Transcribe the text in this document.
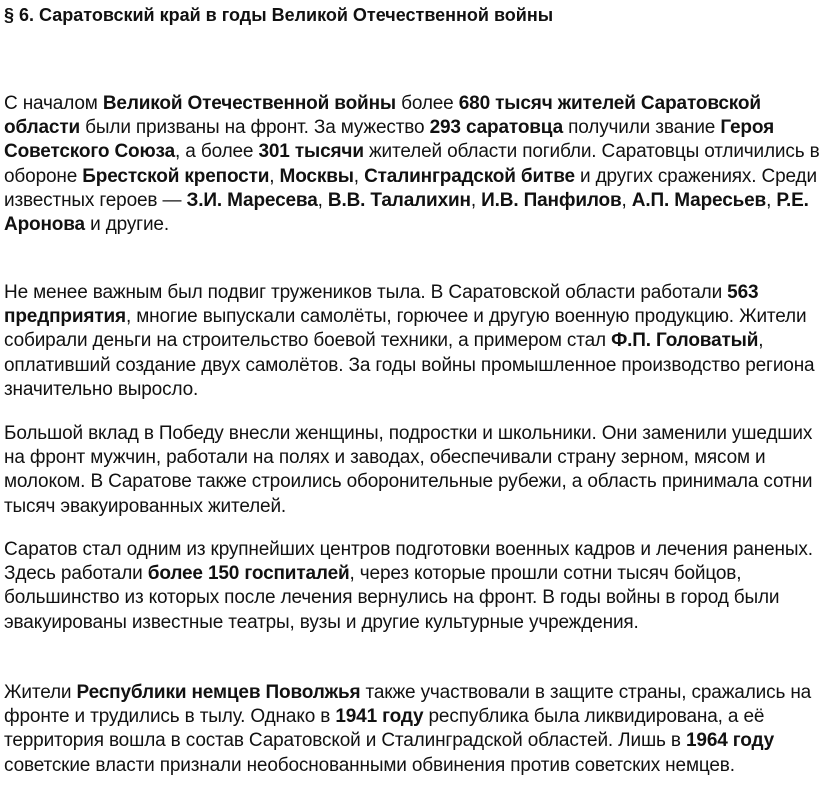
§ 6. Саратовский край в годы Великой Отечественной войны

С началом Великой Отечественной войны более 680 тысяч жителей Саратовской области были призваны на фронт. За мужество 293 саратовца получили звание Героя Советского Союза, а более 301 тысячи жителей области погибли. Саратовцы отличились в обороне Брестской крепости, Москвы, Сталинградской битве и других сражениях. Среди известных героев — З.И. Маресева, В.В. Талалихин, И.В. Панфилов, А.П. Маресьев, Р.Е. Аронова и другие.

Не менее важным был подвиг тружеников тыла. В Саратовской области работали 563 предприятия, многие выпускали самолёты, горючее и другую военную продукцию. Жители собирали деньги на строительство боевой техники, а примером стал Ф.П. Головатый, оплативший создание двух самолётов. За годы войны промышленное производство региона значительно выросло.

Большой вклад в Победу внесли женщины, подростки и школьники. Они заменили ушедших на фронт мужчин, работали на полях и заводах, обеспечивали страну зерном, мясом и молоком. В Саратове также строились оборонительные рубежи, а область принимала сотни тысяч эвакуированных жителей.

Саратов стал одним из крупнейших центров подготовки военных кадров и лечения раненых. Здесь работали более 150 госпиталей, через которые прошли сотни тысяч бойцов, большинство из которых после лечения вернулись на фронт. В годы войны в город были эвакуированы известные театры, вузы и другие культурные учреждения.

Жители Республики немцев Поволжья также участвовали в защите страны, сражались на фронте и трудились в тылу. Однако в 1941 году республика была ликвидирована, а её территория вошла в состав Саратовской и Сталинградской областей. Лишь в 1964 году советские власти признали необоснованными обвинения против советских немцев.
